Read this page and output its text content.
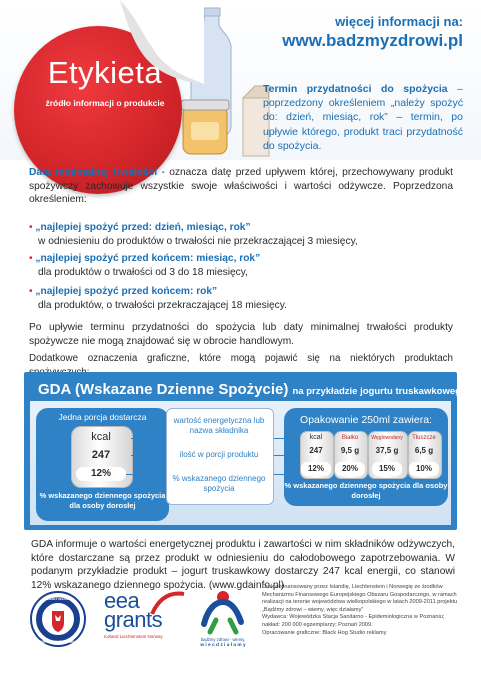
Etykieta
źródło informacji o produkcie
więcej informacji na:
www.badzmyzdrowi.pl
Termin przydatności do spożycia – poprzedzony określeniem „należy spożyć do: dzień, miesiąc, rok” – termin, po upływie którego, produkt traci przydatność do spożycia.
Data minimalnej trwałości - oznacza datę przed upływem której, przechowywany produkt spożywczy zachowuje wszystkie swoje właściwości i wartości odżywcze. Poprzedzona określeniem:
• „najlepiej spożyć przed: dzień, miesiąc, rok”
w odniesieniu do produktów o trwałości nie przekraczającej 3 miesięcy,
• „najlepiej spożyć przed końcem: miesiąc, rok”
dla produktów o trwałości od 3 do 18 miesięcy,
• „najlepiej spożyć przed końcem: rok”
dla produktów, o trwałości przekraczającej 18 miesięcy.
Po upływie terminu przydatności do spożycia lub daty minimalnej trwałości produkty spożywcze nie mogą znajdować się w obrocie handlowym.
Dodatkowe oznaczenia graficzne, które mogą pojawić się na niektórych produktach
GDA (Wskazane Dzienne Spożycie) na przykładzie jogurtu truskawkowego
Jedna porcja dostarcza
kcal
247
12%
% wskazanego dziennego spożycia dla osoby dorosłej
wartość energetyczna lub nazwa składnika
ilość w porcji produktu
% wskazanego dziennego spożycia
Opakowanie 250ml zawiera:
kcal
247
12%
Białko
9,5 g
20%
Węglowodany
37,5 g
15%
Tłuszcze
6,5 g
10%
% wskazanego dziennego spożycia dla osoby dorosłej
GDA informuje o wartości energetycznej produktu i zawartości w nim składników odżywczych, które dostarczane są przez produkt w odniesieniu do całodobowego zapotrzebowania. W podanym przykładzie produkt – jogurt truskawkowy dostarczy 247 kcal energii, co stanowi 12% wskazanego dziennego spożycia. (www.gdainfo.pl)
PAŃSTWOWA
INSPEKCJA SANITARNA
eea
grants
Iceland Liechtenstein Norway
bądźmy zdrowi - wiemy,
w i e c d z i a ł a m y
Druk dofinansowany przez Islandię, Liechtenstein i Norwegię ze środków Mechanizmu Finansowego Europejskiego Obszaru Gospodarczego, w ramach realizacji na terenie województwa wielkopolskiego w latach 2009-2011 projektu „Bądźmy zdrowi – wiemy, więc działamy”
Wydawca: Wojewódzka Stacja Sanitarno - Epidemiologiczna w Poznaniu; nakład: 200 000 egzemplarzy; Poznań 2009.
Opracowanie graficzne: Black Hog Studio reklamy
